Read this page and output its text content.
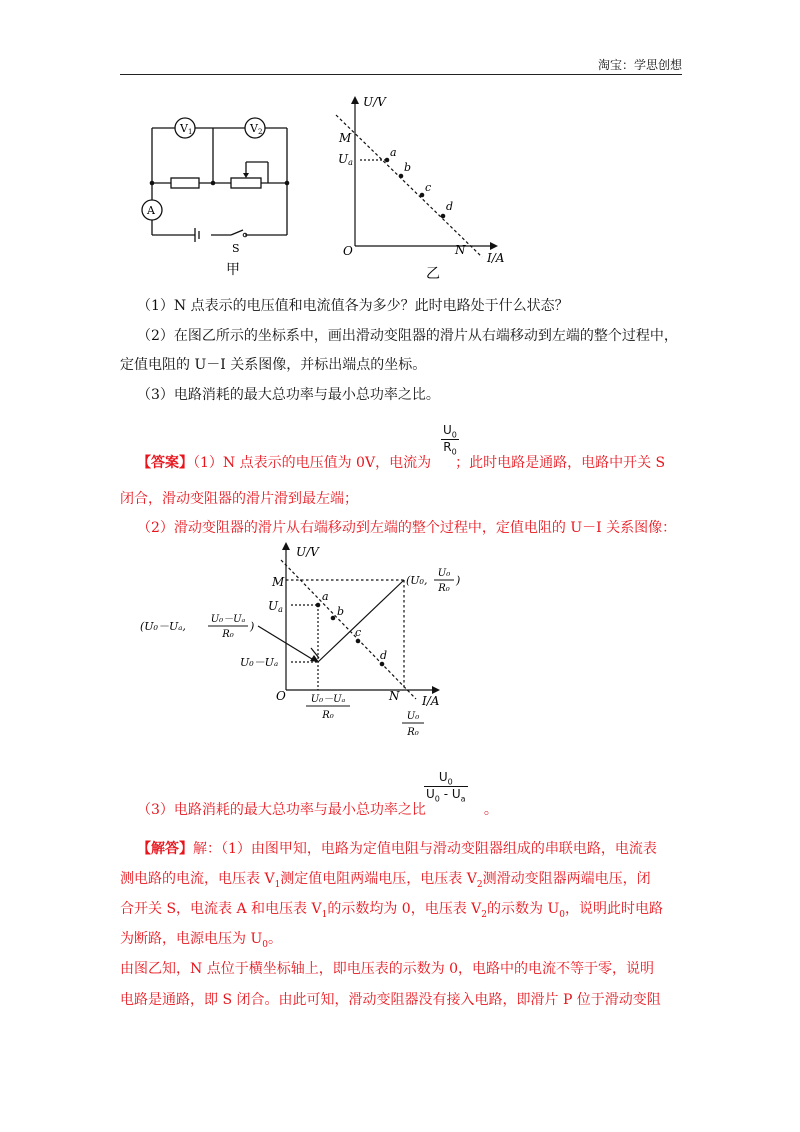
淘宝：学思创想
V1	V2
A
S
甲
U/V
I/A
O
M
N
Ua
a
b
c
d
乙
（1）N 点表示的电压值和电流值各为多少？此时电路处于什么状态？
（2）在图乙所示的坐标系中，画出滑动变阻器的滑片从右端移动到左端的整个过程中，
定值电阻的 U－I 关系图像，并标出端点的坐标。
（3）电路消耗的最大总功率与最小总功率之比。
【答案】（1）N 点表示的电压值为 0V，电流为 ；此时电路是通路，电路中开关 S
$\frac{U_0}{R_0}$
闭合，滑动变阻器的滑片滑到最左端；
（2）滑动变阻器的滑片从右端移动到左端的整个过程中，定值电阻的 U－I 关系图像：
U/V
I/A
O
M
N
Ua
U₀－Uₐ
a
b
c
d
(U₀,
U₀
R₀
)
(U₀－Uₐ,
U₀－Uₐ
R₀
)
U₀－Uₐ
R₀	U₀
R₀
（3）电路消耗的最大总功率与最小总功率之比	。
$\frac{U_0}{U_0 - U_a}$
【解答】解：（1）由图甲知，电路为定值电阻与滑动变阻器组成的串联电路，电流表
测电路的电流，电压表 $V_1$测定值电阻两端电压，电压表 $V_2$测滑动变阻器两端电压，闭
合开关 S，电流表 A 和电压表 $V_1$的示数均为 0，电压表 $V_2$的示数为 $U_0$，说明此时电路
为断路，电源电压为 $U_0$。
由图乙知，N 点位于横坐标轴上，即电压表的示数为 0，电路中的电流不等于零，说明
电路是通路，即 S 闭合。由此可知，滑动变阻器没有接入电路，即滑片 P 位于滑动变阻
